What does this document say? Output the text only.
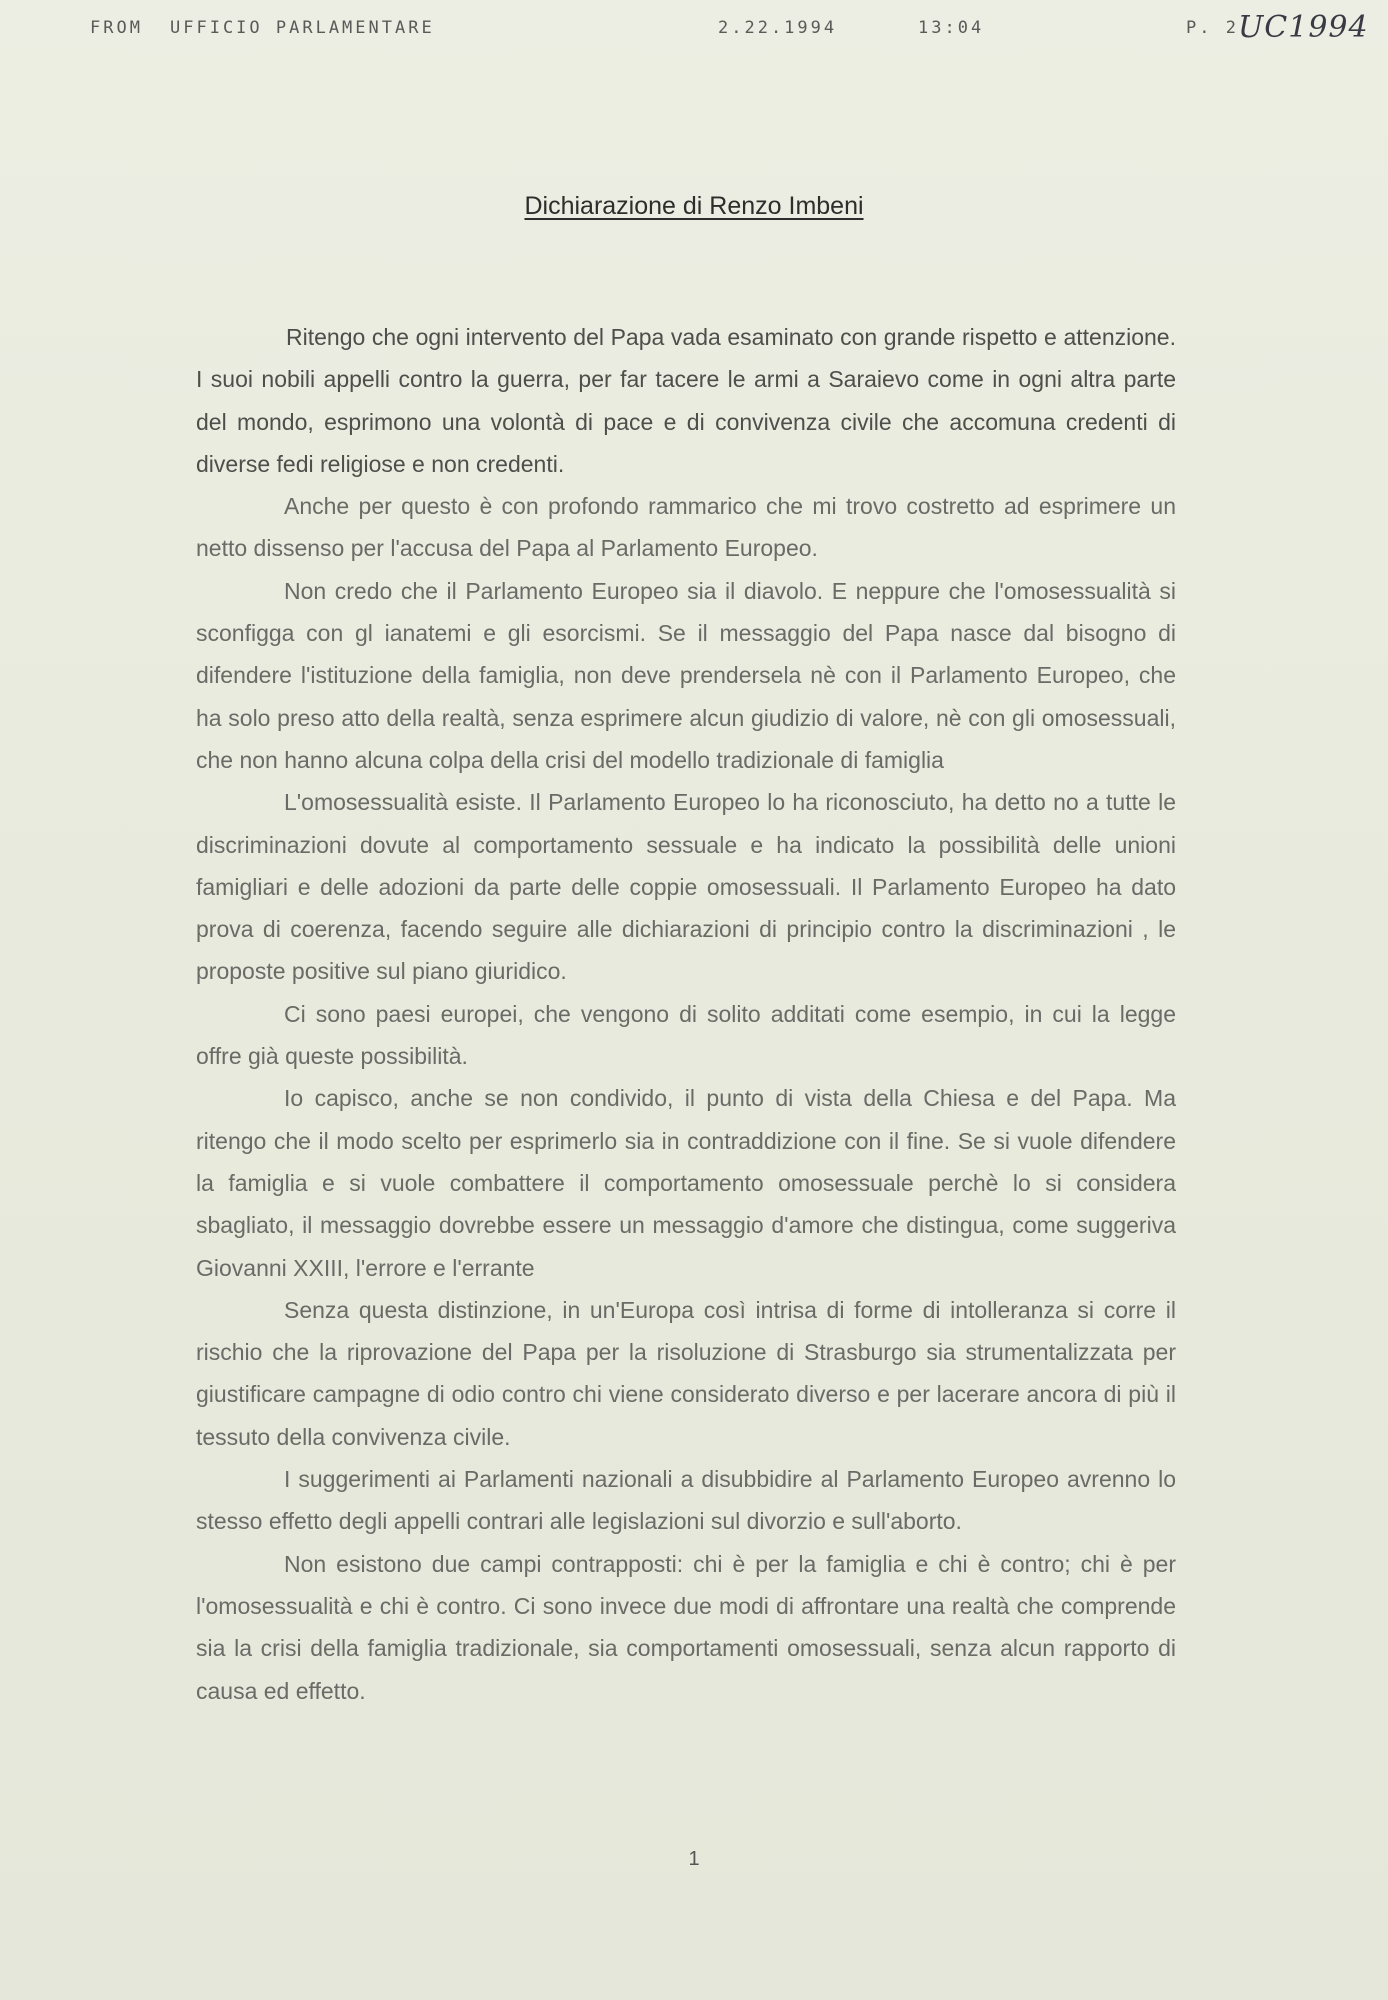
FROM UFFICIO PARLAMENTARE	2.22.1994	13:04	P. 2 UC1994
Dichiarazione di Renzo Imbeni

Ritengo che ogni intervento del Papa vada esaminato con grande rispetto e attenzione. I suoi nobili appelli contro la guerra, per far tacere le armi a Saraievo come in ogni altra parte del mondo, esprimono una volontà di pace e di convivenza civile che accomuna credenti di diverse fedi religiose e non credenti.

Anche per questo è con profondo rammarico che mi trovo costretto ad esprimere un netto dissenso per l'accusa del Papa al Parlamento Europeo.

Non credo che il Parlamento Europeo sia il diavolo. E neppure che l'omosessualità si sconfigga con gl ianatemi e gli esorcismi. Se il messaggio del Papa nasce dal bisogno di difendere l'istituzione della famiglia, non deve prendersela nè con il Parlamento Europeo, che ha solo preso atto della realtà, senza esprimere alcun giudizio di valore, nè con gli omosessuali, che non hanno alcuna colpa della crisi del modello tradizionale di famiglia

L'omosessualità esiste. Il Parlamento Europeo lo ha riconosciuto, ha detto no a tutte le discriminazioni dovute al comportamento sessuale e ha indicato la possibilità delle unioni famigliari e delle adozioni da parte delle coppie omosessuali. Il Parlamento Europeo ha dato prova di coerenza, facendo seguire alle dichiarazioni di principio contro la discriminazioni , le proposte positive sul piano giuridico.

Ci sono paesi europei, che vengono di solito additati come esempio, in cui la legge offre già queste possibilità.

Io capisco, anche se non condivido, il punto di vista della Chiesa e del Papa. Ma ritengo che il modo scelto per esprimerlo sia in contraddizione con il fine. Se si vuole difendere la famiglia e si vuole combattere il comportamento omosessuale perchè lo si considera sbagliato, il messaggio dovrebbe essere un messaggio d'amore che distingua, come suggeriva Giovanni XXIII, l'errore e l'errante

Senza questa distinzione, in un'Europa così intrisa di forme di intolleranza si corre il rischio che la riprovazione del Papa per la risoluzione di Strasburgo sia strumentalizzata per giustificare campagne di odio contro chi viene considerato diverso e per lacerare ancora di più il tessuto della convivenza civile.

I suggerimenti ai Parlamenti nazionali a disubbidire al Parlamento Europeo avrenno lo stesso effetto degli appelli contrari alle legislazioni sul divorzio e sull'aborto.

Non esistono due campi contrapposti: chi è per la famiglia e chi è contro; chi è per l'omosessualità e chi è contro. Ci sono invece due modi di affrontare una realtà che comprende sia la crisi della famiglia tradizionale, sia comportamenti omosessuali, senza alcun rapporto di causa ed effetto.

1
